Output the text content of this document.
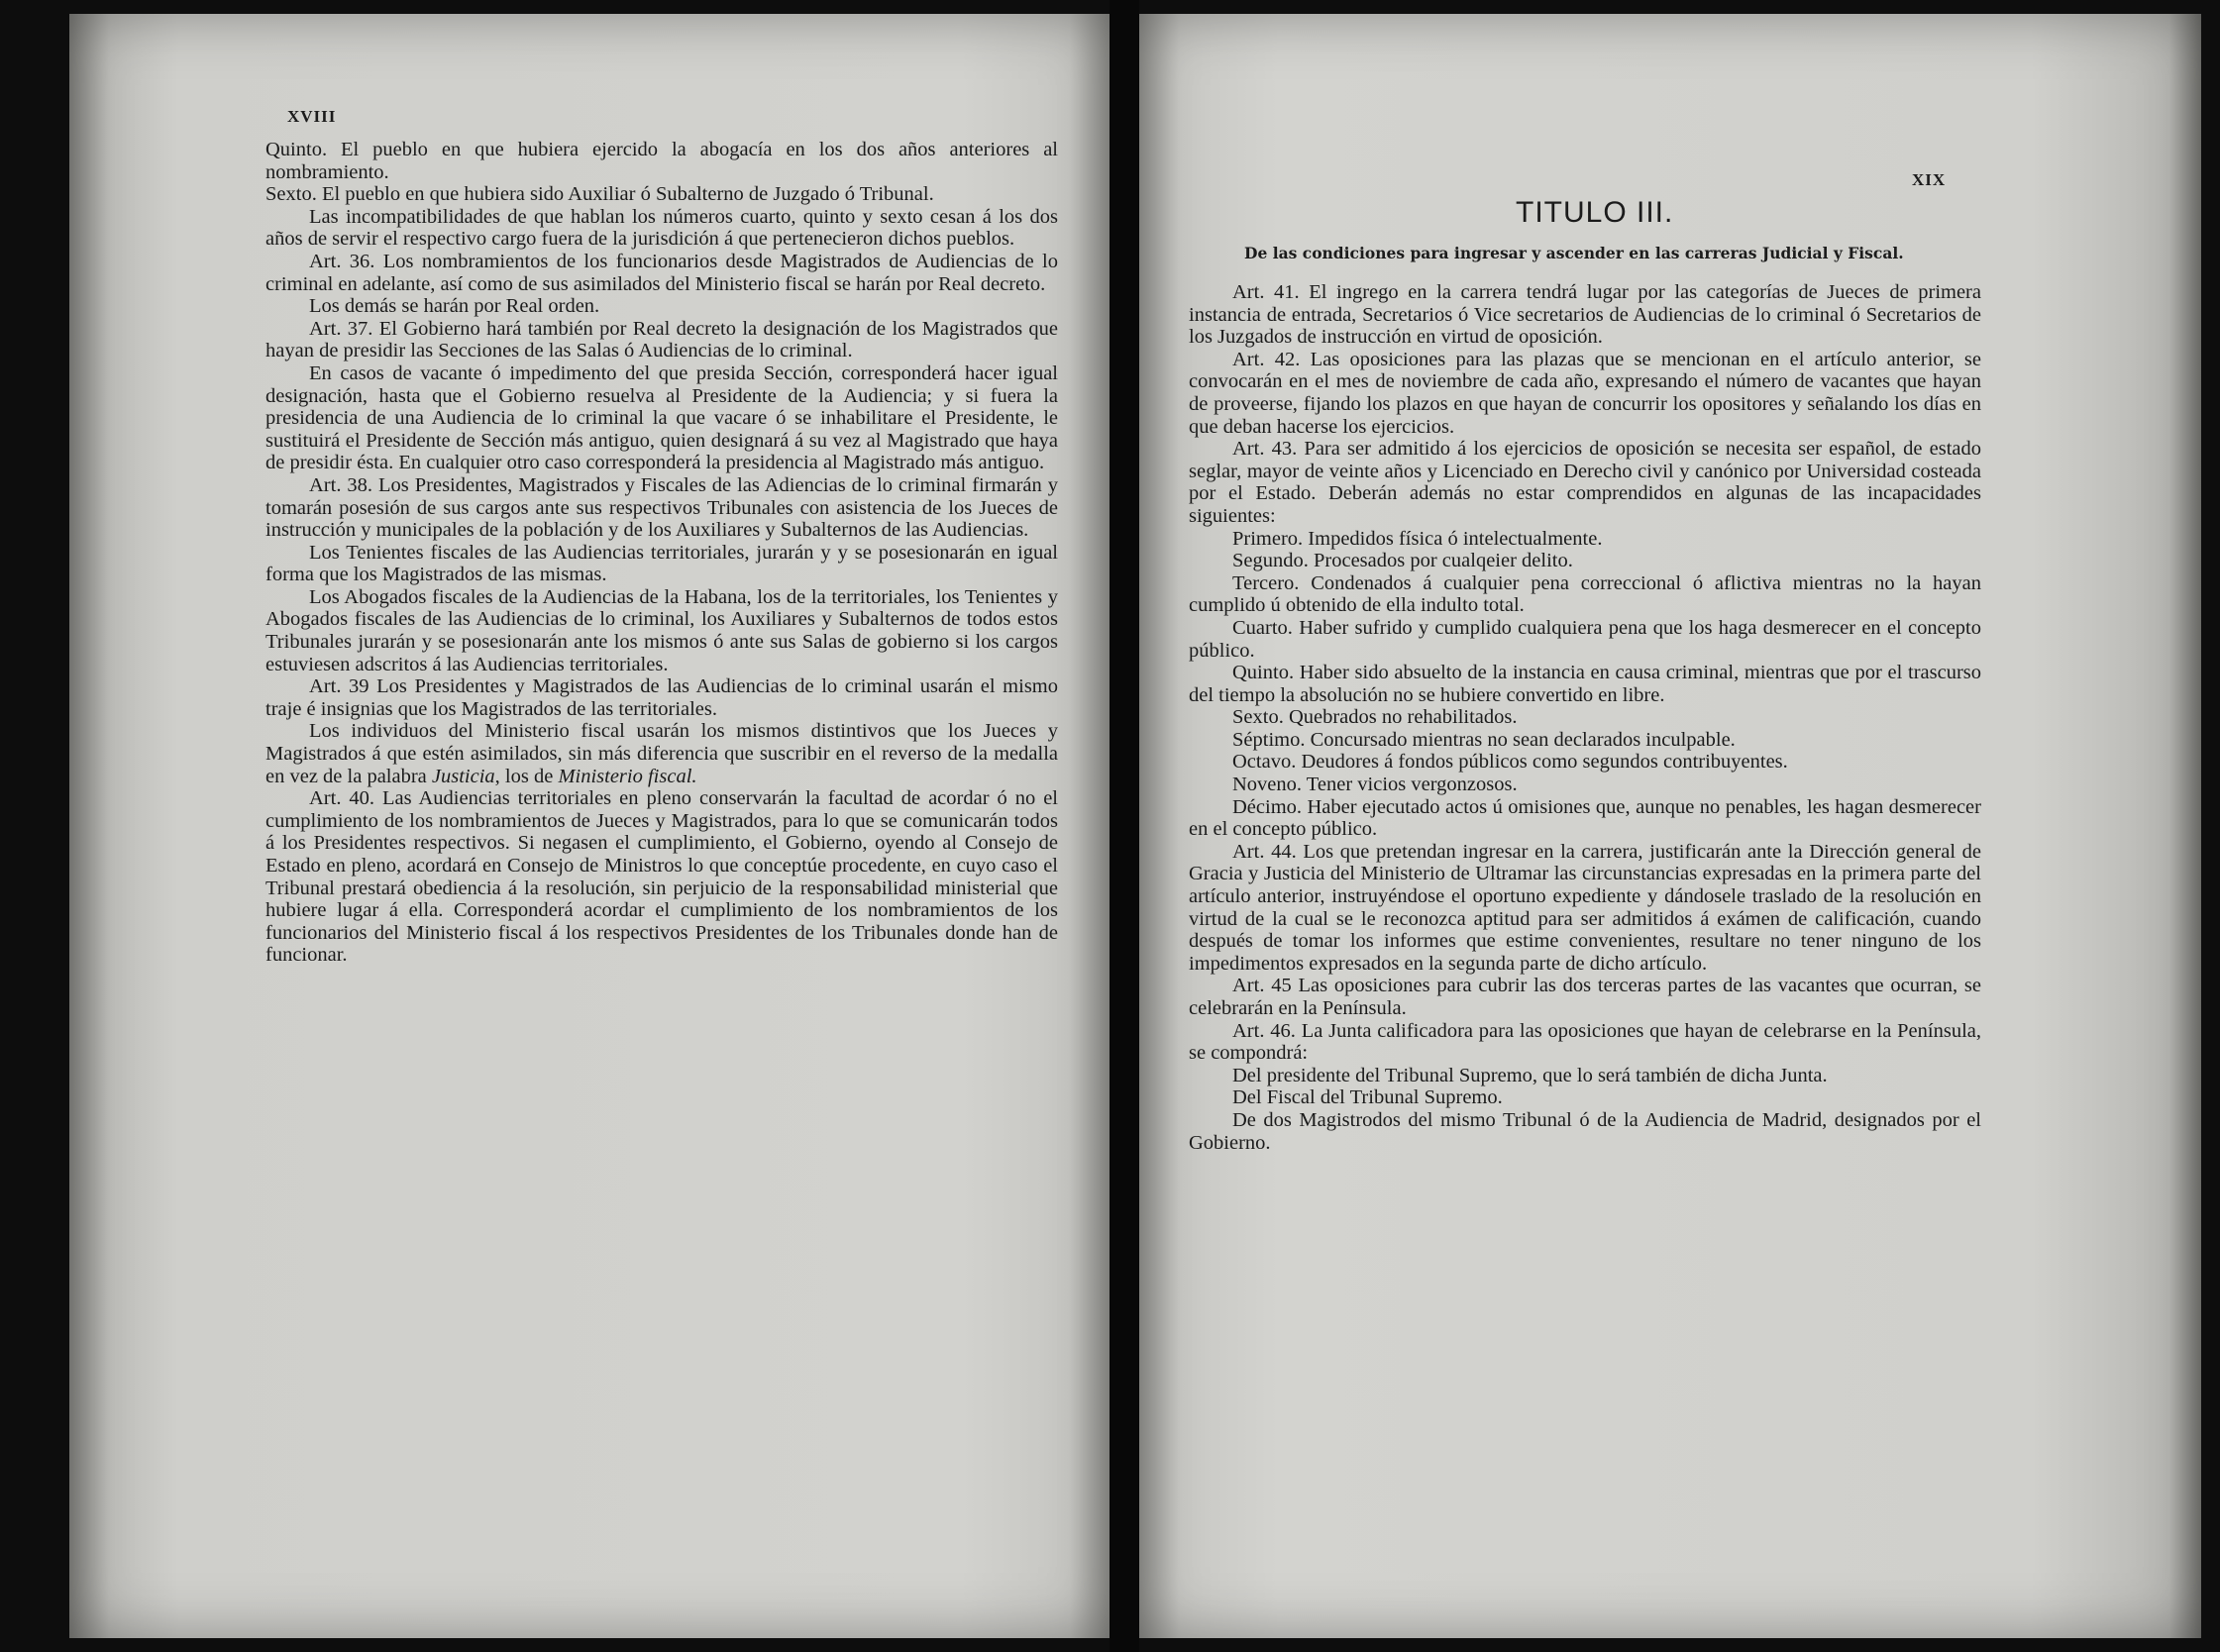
XVIII

Quinto. El pueblo en que hubiera ejercido la abogacía en los dos años anteriores al nombramiento.

Sexto. El pueblo en que hubiera sido Auxiliar ó Subalterno de Juzgado ó Tribunal.

Las incompatibilidades de que hablan los números cuarto, quinto y sexto cesan á los dos años de servir el respectivo cargo fuera de la jurisdición á que pertenecieron dichos pueblos.

Art. 36. Los nombramientos de los funcionarios desde Magistrados de Audiencias de lo criminal en adelante, así como de sus asimilados del Ministerio fiscal se harán por Real decreto.

Los demás se harán por Real orden.

Art. 37. El Gobierno hará también por Real decreto la designación de los Magistrados que hayan de presidir las Secciones de las Salas ó Audiencias de lo criminal.

En casos de vacante ó impedimento del que presida Sección, corresponderá hacer igual designación, hasta que el Gobierno resuelva al Presidente de la Audiencia; y si fuera la presidencia de una Audiencia de lo criminal la que vacare ó se inhabilitare el Presidente, le sustituirá el Presidente de Sección más antiguo, quien designará á su vez al Magistrado que haya de presidir ésta. En cualquier otro caso corresponderá la presidencia al Magistrado más antiguo.

Art. 38. Los Presidentes, Magistrados y Fiscales de las Adiencias de lo criminal firmarán y tomarán posesión de sus cargos ante sus respectivos Tribunales con asistencia de los Jueces de instrucción y municipales de la población y de los Auxiliares y Subalternos de las Audiencias.

Los Tenientes fiscales de las Audiencias territoriales, jurarán y y se posesionarán en igual forma que los Magistrados de las mismas.

Los Abogados fiscales de la Audiencias de la Habana, los de la territoriales, los Tenientes y Abogados fiscales de las Audiencias de lo criminal, los Auxiliares y Subalternos de todos estos Tribunales jurarán y se posesionarán ante los mismos ó ante sus Salas de gobierno si los cargos estuviesen adscritos á las Audiencias territoriales.

Art. 39 Los Presidentes y Magistrados de las Audiencias de lo criminal usarán el mismo traje é insignias que los Magistrados de las territoriales.

Los individuos del Ministerio fiscal usarán los mismos distintivos que los Jueces y Magistrados á que estén asimilados, sin más diferencia que suscribir en el reverso de la medalla en vez de la palabra Justicia, los de Ministerio fiscal.

Art. 40. Las Audiencias territoriales en pleno conservarán la facultad de acordar ó no el cumplimiento de los nombramientos de Jueces y Magistrados, para lo que se comunicarán todos á los Presidentes respectivos. Si negasen el cumplimiento, el Gobierno, oyendo al Consejo de Estado en pleno, acordará en Consejo de Ministros lo que conceptúe procedente, en cuyo caso el Tribunal prestará obediencia á la resolución, sin perjuicio de la responsabilidad ministerial que hubiere lugar á ella. Corresponderá acordar el cumplimiento de los nombramientos de los funcionarios del Ministerio fiscal á los respectivos Presidentes de los Tribunales donde han de funcionar.

XIX
TITULO III.
De las condiciones para ingresar y ascender en las carreras Judicial y Fiscal.

Art. 41. El ingrego en la carrera tendrá lugar por las categorías de Jueces de primera instancia de entrada, Secretarios ó Vice secretarios de Audiencias de lo criminal ó Secretarios de los Juzgados de instrucción en virtud de oposición.

Art. 42. Las oposiciones para las plazas que se mencionan en el artículo anterior, se convocarán en el mes de noviembre de cada año, expresando el número de vacantes que hayan de proveerse, fijando los plazos en que hayan de concurrir los opositores y señalando los días en que deban hacerse los ejercicios.

Art. 43. Para ser admitido á los ejercicios de oposición se necesita ser español, de estado seglar, mayor de veinte años y Licenciado en Derecho civil y canónico por Universidad costeada por el Estado. Deberán además no estar comprendidos en algunas de las incapacidades siguientes:

Primero. Impedidos física ó intelectualmente.

Segundo. Procesados por cualqeier delito.

Tercero. Condenados á cualquier pena correccional ó aflictiva mientras no la hayan cumplido ú obtenido de ella indulto total.

Cuarto. Haber sufrido y cumplido cualquiera pena que los haga desmerecer en el concepto público.

Quinto. Haber sido absuelto de la instancia en causa criminal, mientras que por el trascurso del tiempo la absolución no se hubiere convertido en libre.

Sexto. Quebrados no rehabilitados.

Séptimo. Concursado mientras no sean declarados inculpable.

Octavo. Deudores á fondos públicos como segundos contribuyentes.

Noveno. Tener vicios vergonzosos.

Décimo. Haber ejecutado actos ú omisiones que, aunque no penables, les hagan desmerecer en el concepto público.

Art. 44. Los que pretendan ingresar en la carrera, justificarán ante la Dirección general de Gracia y Justicia del Ministerio de Ultramar las circunstancias expresadas en la primera parte del artículo anterior, instruyéndose el oportuno expediente y dándosele traslado de la resolución en virtud de la cual se le reconozca aptitud para ser admitidos á exámen de calificación, cuando después de tomar los informes que estime convenientes, resultare no tener ninguno de los impedimentos expresados en la segunda parte de dicho artículo.

Art. 45 Las oposiciones para cubrir las dos terceras partes de las vacantes que ocurran, se celebrarán en la Península.

Art. 46. La Junta calificadora para las oposiciones que hayan de celebrarse en la Península, se compondrá:

Del presidente del Tribunal Supremo, que lo será también de dicha Junta.

Del Fiscal del Tribunal Supremo.

De dos Magistrodos del mismo Tribunal ó de la Audiencia de Madrid, designados por el Gobierno.
